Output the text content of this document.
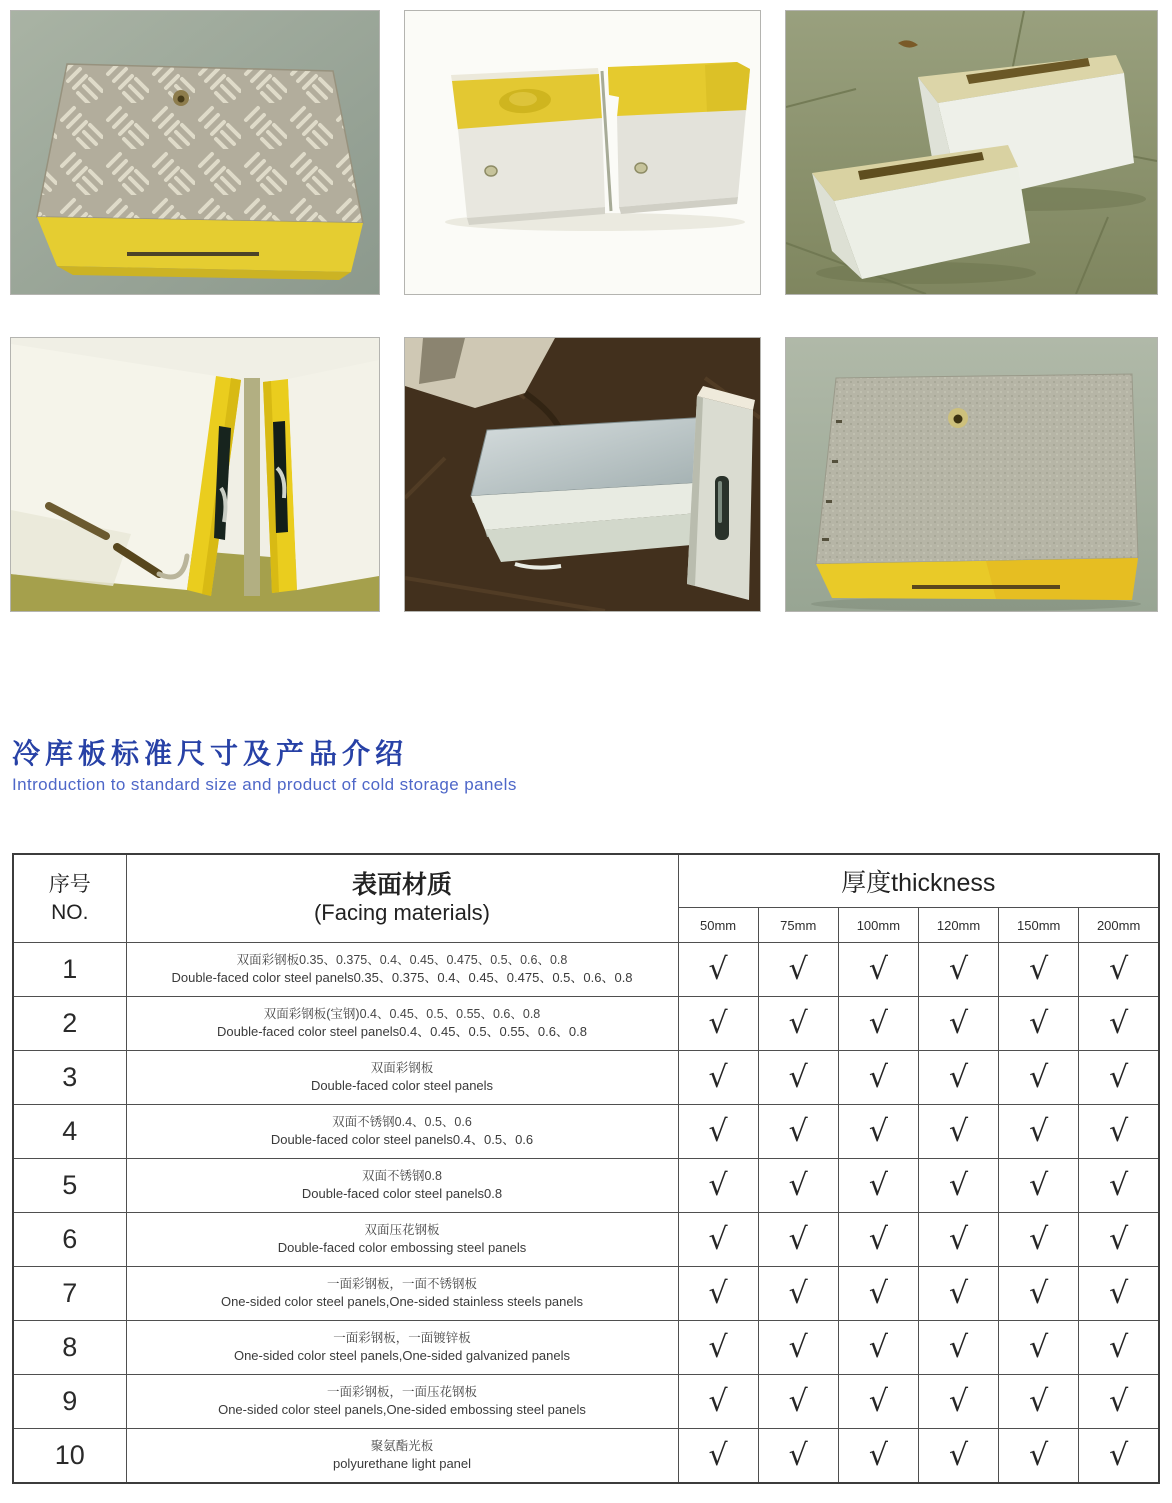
冷库板标准尺寸及产品介绍
Introduction to standard size and product of cold storage panels
序号
NO.

表面材质
(Facing materials)
	厚度thickness
		50mm	75mm	100mm	120mm	150mm	200mm
1	双面彩钢板0.35、0.375、0.4、0.45、0.475、0.5、0.6、0.8
Double-faced color steel panels0.35、0.375、0.4、0.45、0.475、0.5、0.6、0.8	√	√	√	√	√	√
2	双面彩钢板(宝钢)0.4、0.45、0.5、0.55、0.6、0.8
Double-faced color steel panels0.4、0.45、0.5、0.55、0.6、0.8	√	√	√	√	√	√
3	双面彩钢板
Double-faced color steel panels	√	√	√	√	√	√
4	双面不锈钢0.4、0.5、0.6
Double-faced color steel panels0.4、0.5、0.6	√	√	√	√	√	√
5	双面不锈钢0.8
Double-faced color steel panels0.8	√	√	√	√	√	√
6	双面压花钢板
Double-faced color embossing steel panels	√	√	√	√	√	√
7	一面彩钢板，一面不锈钢板
One-sided color steel panels,One-sided stainless steels panels	√	√	√	√	√	√
8	一面彩钢板，一面镀锌板
One-sided color steel panels,One-sided galvanized panels	√	√	√	√	√	√
9	一面彩钢板，一面压花钢板
One-sided color steel panels,One-sided embossing steel panels	√	√	√	√	√	√
10	聚氨酯光板
polyurethane light panel	√	√	√	√	√	√
